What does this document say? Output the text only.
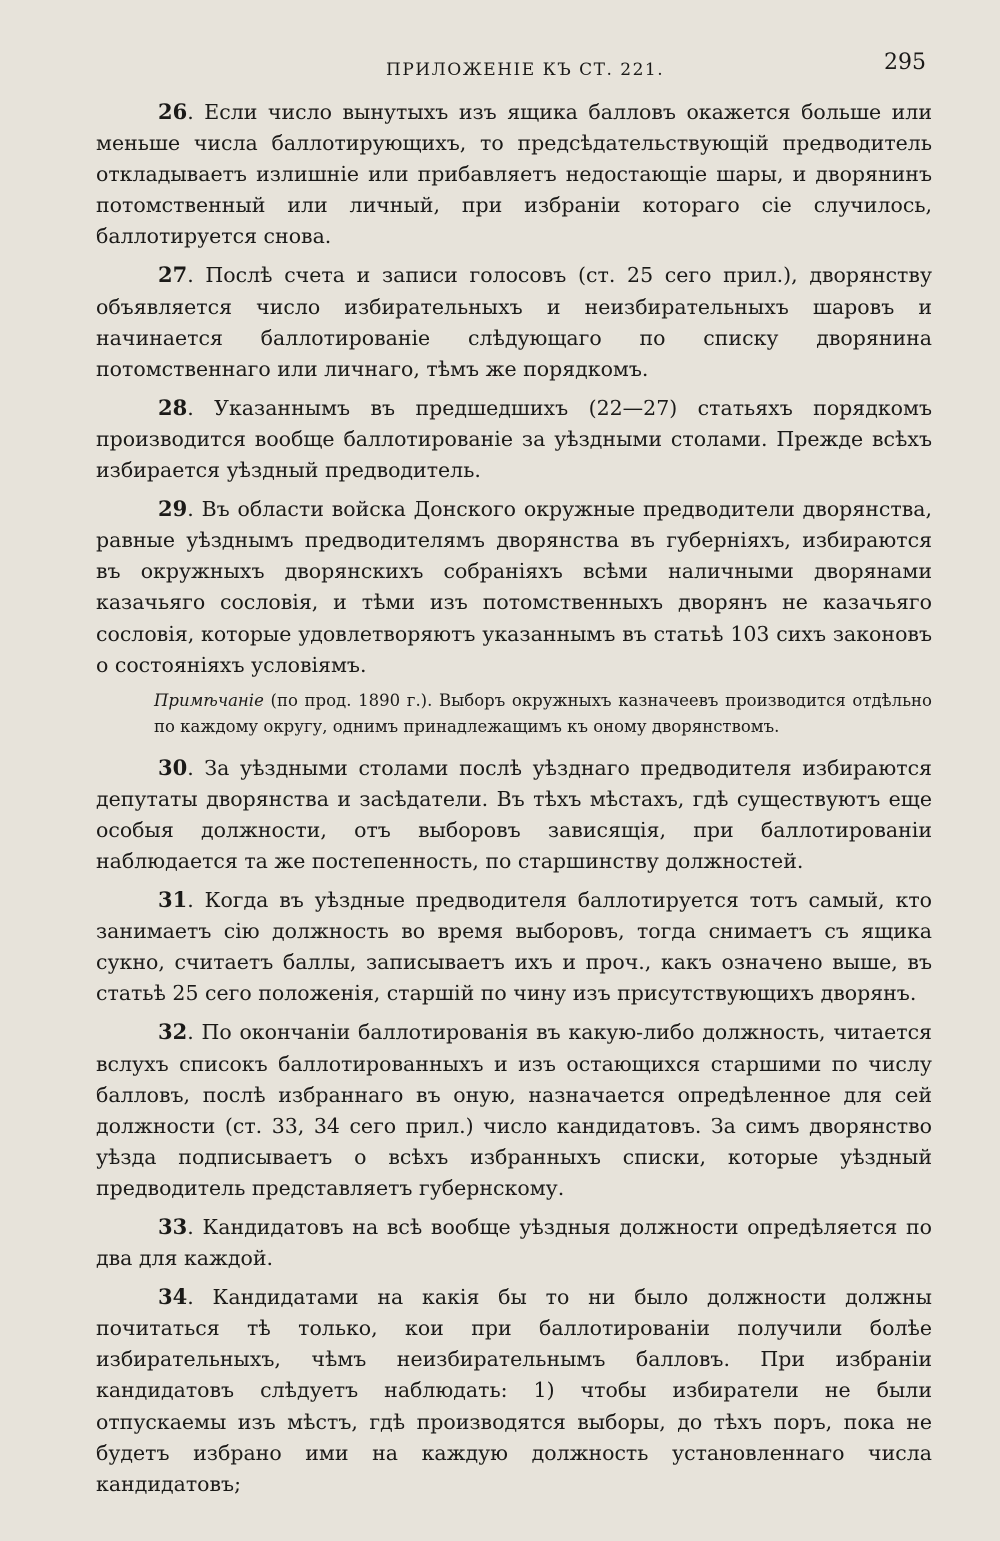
ПРИЛОЖЕНІЕ КЪ СТ. 221.	295

26. Если число вынутыхъ изъ ящика балловъ окажется больше или меньше числа баллотирующихъ, то предсѣдательствующій предводитель откладываетъ излишніе или прибавляетъ недостающіе шары, и дворянинъ потомственный или личный, при избраніи котораго сіе случилось, баллотируется снова.

27. Послѣ счета и записи голосовъ (ст. 25 сего прил.), дворянству объявляется число избирательныхъ и неизбирательныхъ шаровъ и начинается баллотированіе слѣдующаго по списку дворянина потомственнаго или личнаго, тѣмъ же порядкомъ.

28. Указаннымъ въ предшедшихъ (22—27) статьяхъ порядкомъ производится вообще баллотированіе за уѣздными столами. Прежде всѣхъ избирается уѣздный предводитель.

29. Въ области войска Донского окружные предводители дворянства, равные уѣзднымъ предводителямъ дворянства въ губерніяхъ, избираются въ окружныхъ дворянскихъ собраніяхъ всѣми наличными дворянами казачьяго сословія, и тѣми изъ потомственныхъ дворянъ не казачьяго сословія, которые удовлетворяютъ указаннымъ въ статьѣ 103 сихъ законовъ о состояніяхъ условіямъ.

Примѣчаніе (по прод. 1890 г.). Выборъ окружныхъ казначеевъ производится отдѣльно по каждому округу, однимъ принадлежащимъ къ оному дворянствомъ.

30. За уѣздными столами послѣ уѣзднаго предводителя избираются депутаты дворянства и засѣдатели. Въ тѣхъ мѣстахъ, гдѣ существуютъ еще особыя должности, отъ выборовъ зависящія, при баллотированіи наблюдается та же постепенность, по старшинству должностей.

31. Когда въ уѣздные предводителя баллотируется тотъ самый, кто занимаетъ сію должность во время выборовъ, тогда снимаетъ съ ящика сукно, считаетъ баллы, записываетъ ихъ и проч., какъ означено выше, въ статьѣ 25 сего положенія, старшій по чину изъ присутствующихъ дворянъ.

32. По окончаніи баллотированія въ какую-либо должность, читается вслухъ списокъ баллотированныхъ и изъ остающихся старшими по числу балловъ, послѣ избраннаго въ оную, назначается опредѣленное для сей должности (ст. 33, 34 сего прил.) число кандидатовъ. За симъ дворянство уѣзда подписываетъ о всѣхъ избранныхъ списки, которые уѣздный предводитель представляетъ губернскому.

33. Кандидатовъ на всѣ вообще уѣздныя должности опредѣляется по два для каждой.

34. Кандидатами на какія бы то ни было должности должны почитаться тѣ только, кои при баллотированіи получили болѣе избирательныхъ, чѣмъ неизбирательнымъ балловъ. При избраніи кандидатовъ слѣдуетъ наблюдать: 1) чтобы избиратели не были отпускаемы изъ мѣстъ, гдѣ производятся выборы, до тѣхъ поръ, пока не будетъ избрано ими на каждую должность установленнаго числа кандидатовъ;
